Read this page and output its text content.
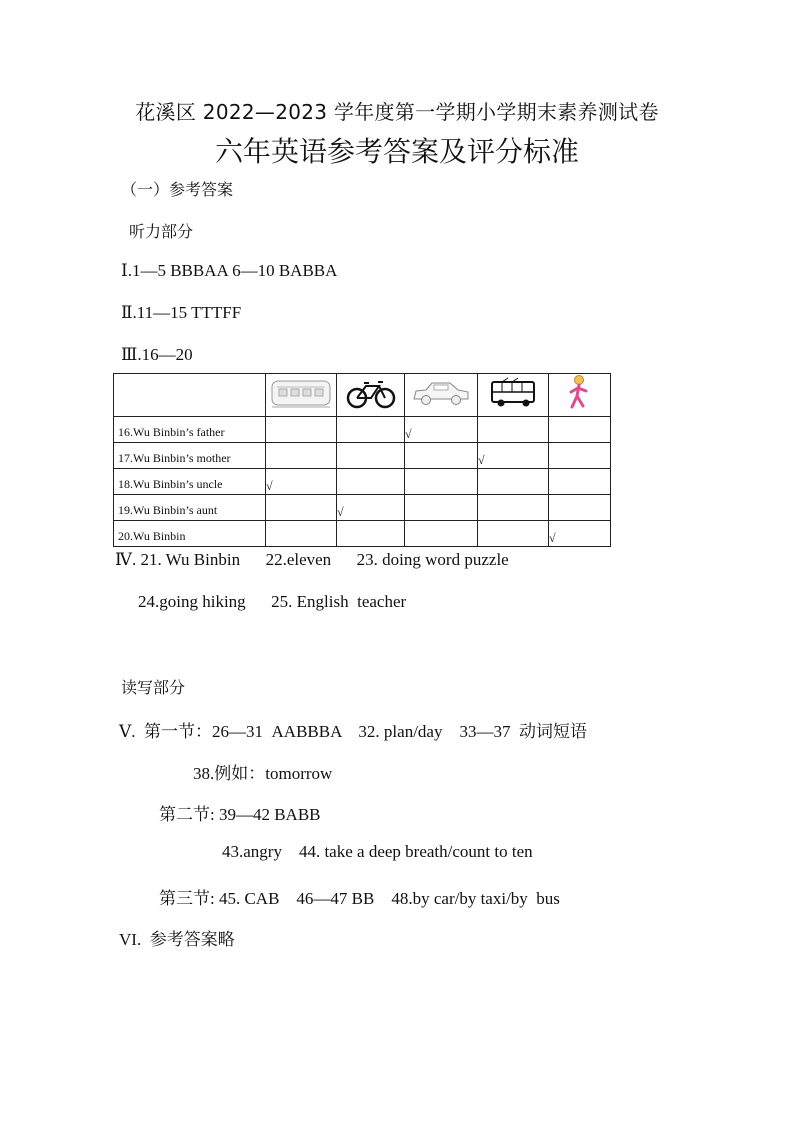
花溪区 2022—2023 学年度第一学期小学期末素养测试卷
六年英语参考答案及评分标准
（一）参考答案
听力部分
Ⅰ.1—5 BBBAA 6—10 BABBA
Ⅱ.11—15 TTTFF
Ⅲ.16—20

16.Wu Binbin’s father			√		
17.Wu Binbin’s mother				√	
18.Wu Binbin’s uncle	√				
19.Wu Binbin’s aunt		√			
20.Wu Binbin					√
Ⅳ. 21. Wu Binbin      22.eleven      23. doing word puzzle
24.going hiking      25. English  teacher
读写部分
Ⅴ.  第一节：26—31  AABBBA    32. plan/day    33—37  动词短语
38.例如：tomorrow
第二节: 39—42 BABB
43.angry    44. take a deep breath/count to ten
第三节: 45. CAB    46—47 BB    48.by car/by taxi/by  bus
VI.  参考答案略
